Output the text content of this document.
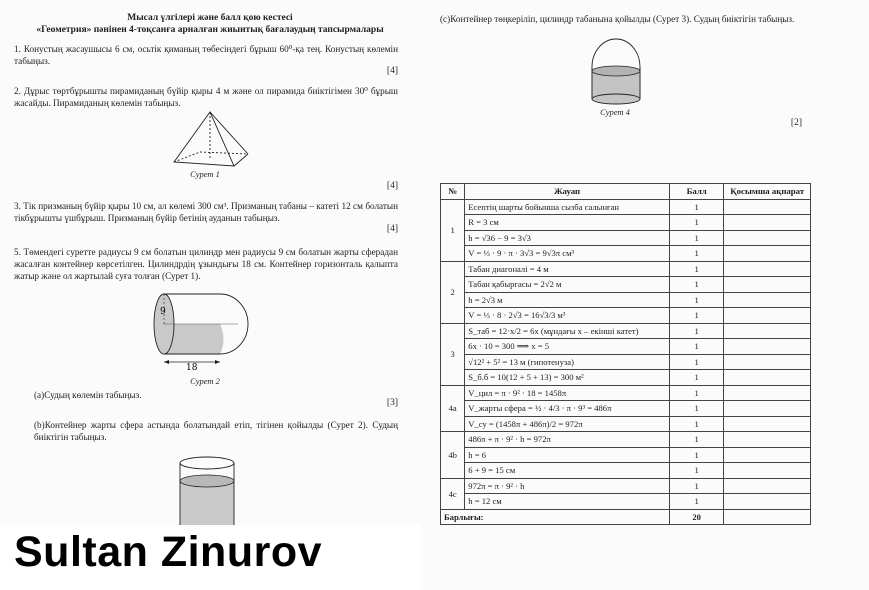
Мысал үлгілері және балл қою кестесі
«Геометрия» пәнінен 4-тоқсанға арналған жиынтық бағалаудың тапсырмалары
1. Конустың жасаушысы 6 см, осьтік қиманың төбесіндегі бұрыш 60⁰-қа тең. Конустың көлемін табыңыз.
[4]
2. Дұрыс төртбұрышты пирамиданың бүйір қыры 4 м және ол пирамида биіктігімен 30⁰ бұрыш жасайды. Пирамиданың көлемін табыңыз.
Сурет 1
[4]
3. Тік призманың бүйір қыры 10 см, ал көлемі 300 см³. Призманың табаны – катеті 12 см болатын тікбұрышты үшбұрыш. Призманың бүйір бетінің ауданын табыңыз.
[4]
5. Төмендегі суретте радиусы 9 см болатын цилиндр мен радиусы 9 см болатын жарты сферадан жасалған контейнер көрсетілген. Цилиндрдің ұзындығы 18 см. Контейнер горизонталь қалыпта жатыр және ол жартылай суға толған (Сурет 1).
9
18
Сурет 2
(a)Судың көлемін табыңыз.
[3]
(b)Контейнер жарты сфера астында болатындай етіп, тігінен қойылды (Сурет 2). Судың биіктігін табыңыз.
(c)Контейнер төңкеріліп, цилиндр табанына қойылды (Сурет 3). Судың биіктігін табыңыз.
Сурет 4
[2]
№	Жауап	Балл	Қосымша ақпарат
1	Есептің шарты бойынша сызба салынған	1	
	R = 3 см	1	
	h = √36 − 9 = 3√3	1	
	V = ⅓ · 9 · π · 3√3 = 9√3π см³	1	
2	Табан диагоналі = 4 м	1	
	Табан қабырғасы = 2√2 м	1	
	h = 2√3 м	1	
	V = ⅓ · 8 · 2√3 = 16√3/3 м³	1	
3	S_таб = 12·x/2 = 6x (мұндағы x – екінші катет)	1	
	6x · 10 = 300 ⟹ x = 5	1	
	√12² + 5² = 13 м (гипотенуза)	1	
	S_б.б = 10(12 + 5 + 13) = 300 м²	1	
4a	V_цил = π · 9² · 18 = 1458π	1	
	V_жарты сфера = ½ · 4/3 · π · 9³ = 486π	1	
	V_су = (1458π + 486π)/2 = 972π	1	
4b	486π + π · 9² · h = 972π	1	
	h = 6	1	
	6 + 9 = 15 см	1	
4c	972π = π · 9² · h	1	
	h = 12 см	1	
Барлығы:		20	
Sultan Zinurov
